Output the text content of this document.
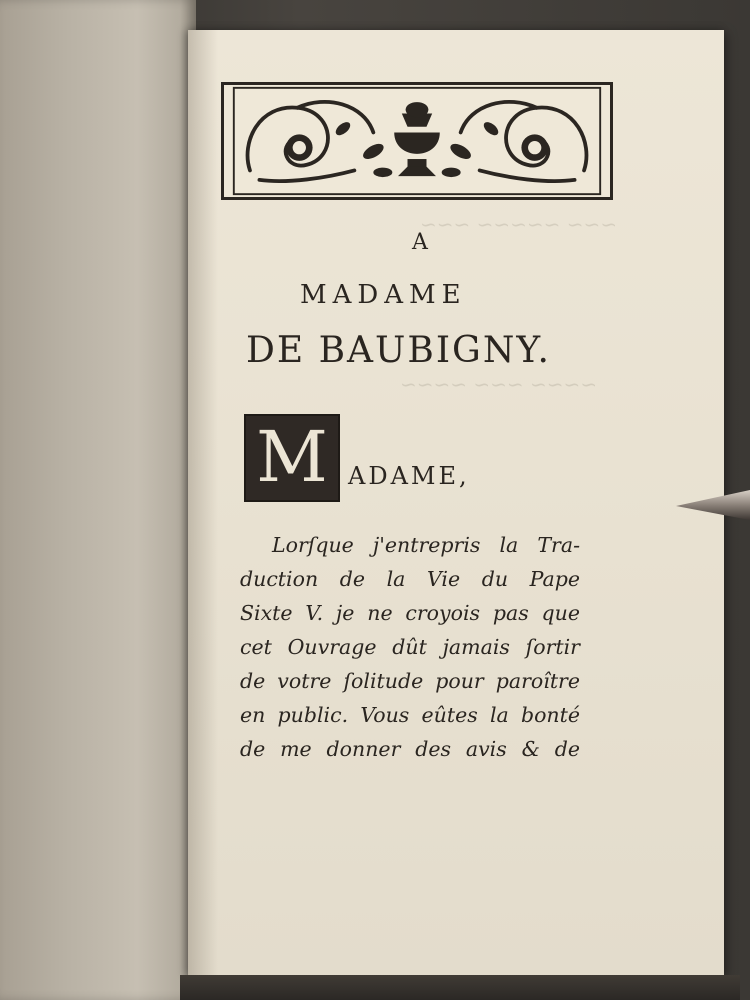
~~~ ~~~~~ ~~~
~~~~ ~~~ ~~~~
A
MADAME
DE BAUBIGNY.
M ADAME,
Lorſque j'entrepris la Tra-
duction de la Vie du Pape
Sixte V. je ne croyois pas que
cet Ouvrage dût jamais ſortir
de votre ſolitude pour paroître
en public. Vous eûtes la bonté
de me donner des avis & de
